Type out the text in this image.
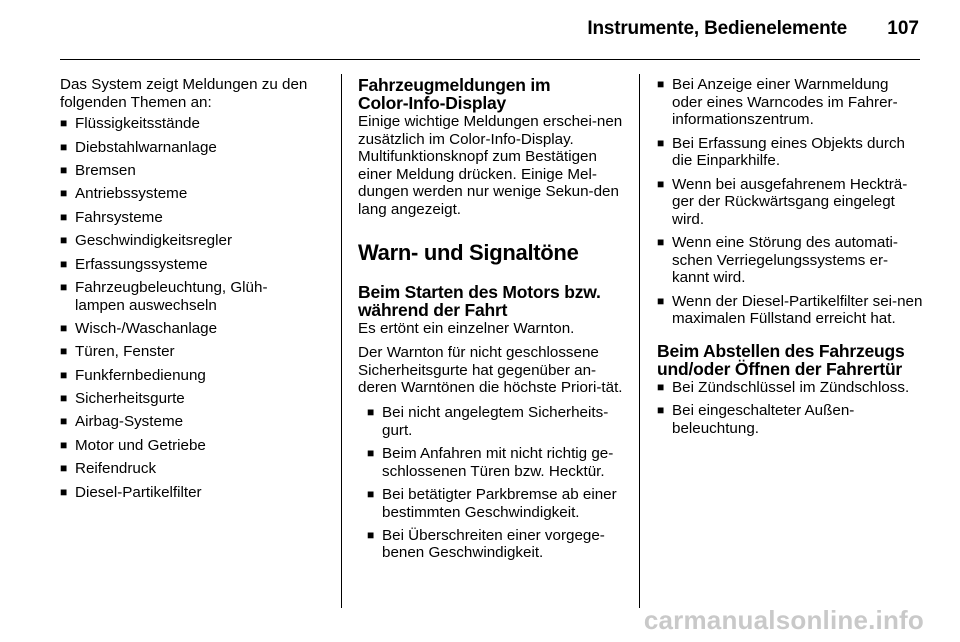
Instrumente, Bedienelemente 107

Das System zeigt Meldungen zu den folgenden Themen an:

■ Flüssigkeitsstände
■ Diebstahlwarnanlage
■ Bremsen
■ Antriebssysteme
■ Fahrsysteme
■ Geschwindigkeitsregler
■ Erfassungssysteme
■ Fahrzeugbeleuchtung, Glüh-lampen auswechseln
■ Wisch-/Waschanlage
■ Türen, Fenster
■ Funkfernbedienung
■ Sicherheitsgurte
■ Airbag-Systeme
■ Motor und Getriebe
■ Reifendruck
■ Diesel-Partikelfilter
Fahrzeugmeldungen im Color-Info-Display

Einige wichtige Meldungen erschei-nen zusätzlich im Color-Info-Display. Multifunktionsknopf zum Bestätigen einer Meldung drücken. Einige Mel-dungen werden nur wenige Sekun-den lang angezeigt.

Warn- und Signaltöne
Beim Starten des Motors bzw. während der Fahrt

Es ertönt ein einzelner Warnton.

Der Warnton für nicht geschlossene Sicherheitsgurte hat gegenüber an-deren Warntönen die höchste Priori-tät.

■ Bei nicht angelegtem Sicherheits-gurt.
■ Beim Anfahren mit nicht richtig ge-schlossenen Türen bzw. Hecktür.
■ Bei betätigter Parkbremse ab einer bestimmten Geschwindigkeit.
■ Bei Überschreiten einer vorgege-benen Geschwindigkeit.
■ Bei Anzeige einer Warnmeldung oder eines Warncodes im Fahrer-informationszentrum.
■ Bei Erfassung eines Objekts durch die Einparkhilfe.
■ Wenn bei ausgefahrenem Heckträ-ger der Rückwärtsgang eingelegt wird.
■ Wenn eine Störung des automati-schen Verriegelungssystems er-kannt wird.
■ Wenn der Diesel-Partikelfilter sei-nen maximalen Füllstand erreicht hat.
Beim Abstellen des Fahrzeugs und/oder Öffnen der Fahrertür
■ Bei Zündschlüssel im Zündschloss.
■ Bei eingeschalteter Außen-beleuchtung.
carmanualsonline.info
